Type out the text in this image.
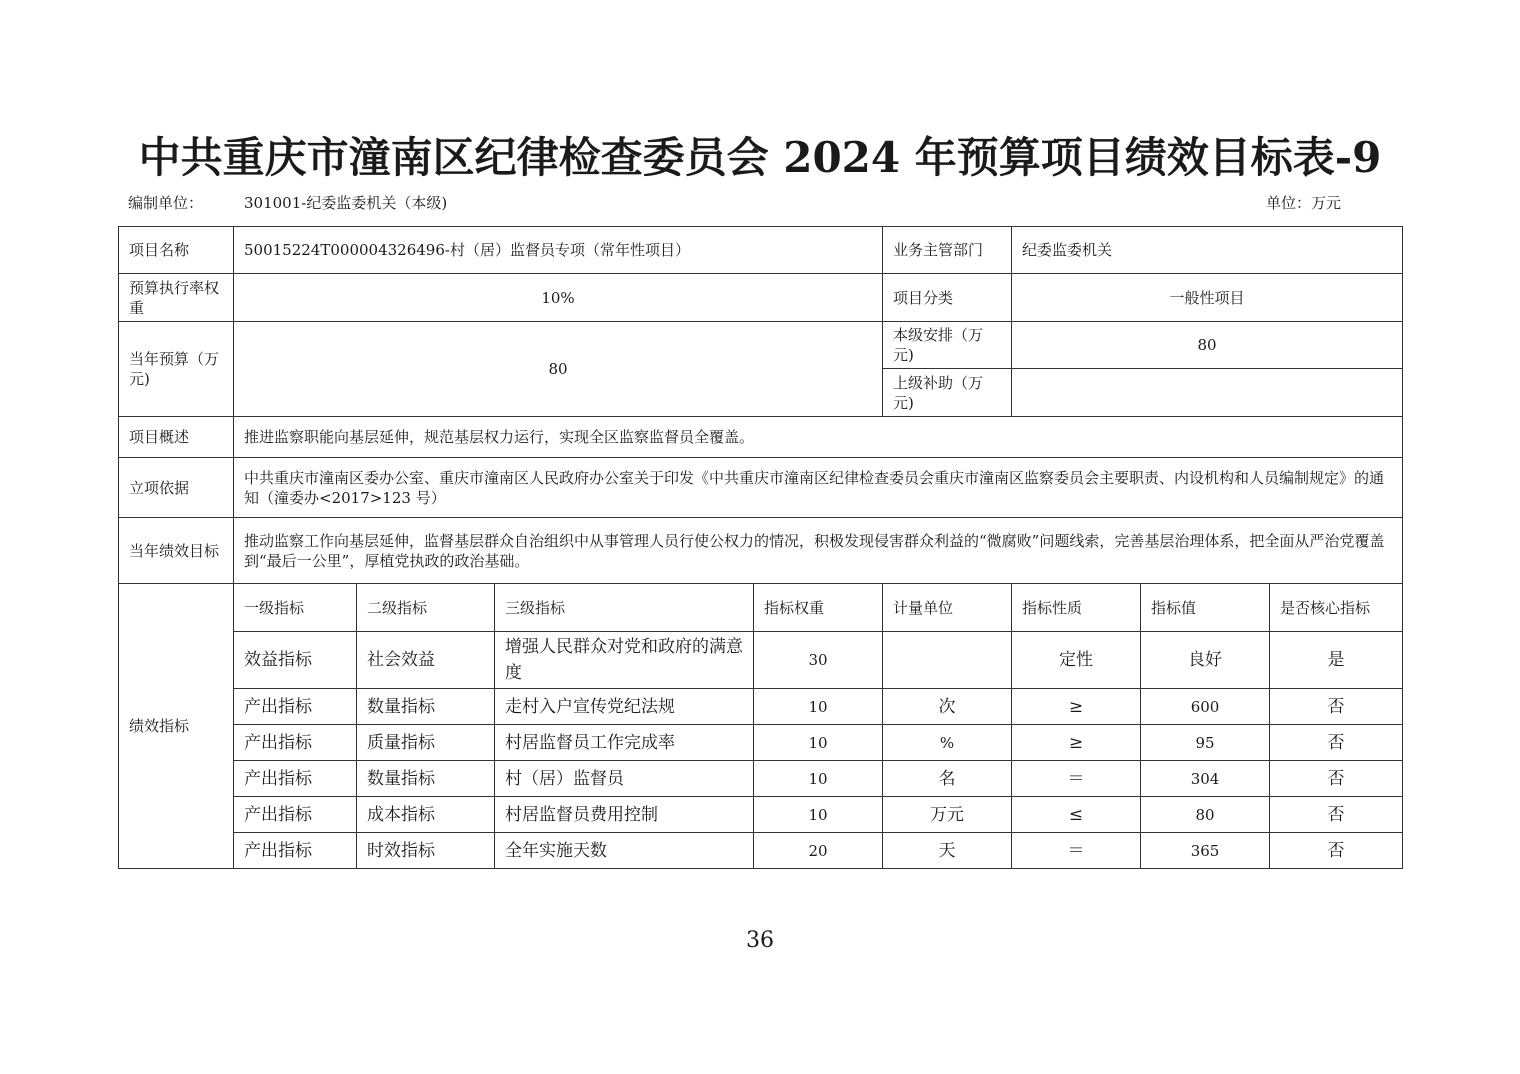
中共重庆市潼南区纪律检查委员会 2024 年预算项目绩效目标表-9
编制单位：	301001-纪委监委机关（本级)	单位：万元
项目名称	50015224T000004326496-村（居）监督员专项（常年性项目）				业务主管部门	纪委监委机关		
预算执行率权重	10%				项目分类	一般性项目		
当年预算（万元)	80				本级安排（万元)	80		
					上级补助（万元)			
项目概述	推进监察职能向基层延伸，规范基层权力运行，实现全区监察监督员全覆盖。							
立项依据	中共重庆市潼南区委办公室、重庆市潼南区人民政府办公室关于印发《中共重庆市潼南区纪律检查委员会重庆市潼南区监察委员会主要职责、内设机构和人员编制规定》的通知（潼委办<2017>123 号）							
当年绩效目标	推动监察工作向基层延伸，监督基层群众自治组织中从事管理人员行使公权力的情况，积极发现侵害群众利益的“微腐败”问题线索，完善基层治理体系，把全面从严治党覆盖到“最后一公里”，厚植党执政的政治基础。							
绩效指标	一级指标	二级指标	三级指标	指标权重	计量单位	指标性质	指标值	是否核心指标
	效益指标	社会效益	增强人民群众对党和政府的满意度	30		定性	良好	是
	产出指标	数量指标	走村入户宣传党纪法规	10	次	≥	600	否
	产出指标	质量指标	村居监督员工作完成率	10	%	≥	95	否
	产出指标	数量指标	村（居）监督员	10	名	＝	304	否
	产出指标	成本指标	村居监督员费用控制	10	万元	≤	80	否
	产出指标	时效指标	全年实施天数	20	天	＝	365	否
36
